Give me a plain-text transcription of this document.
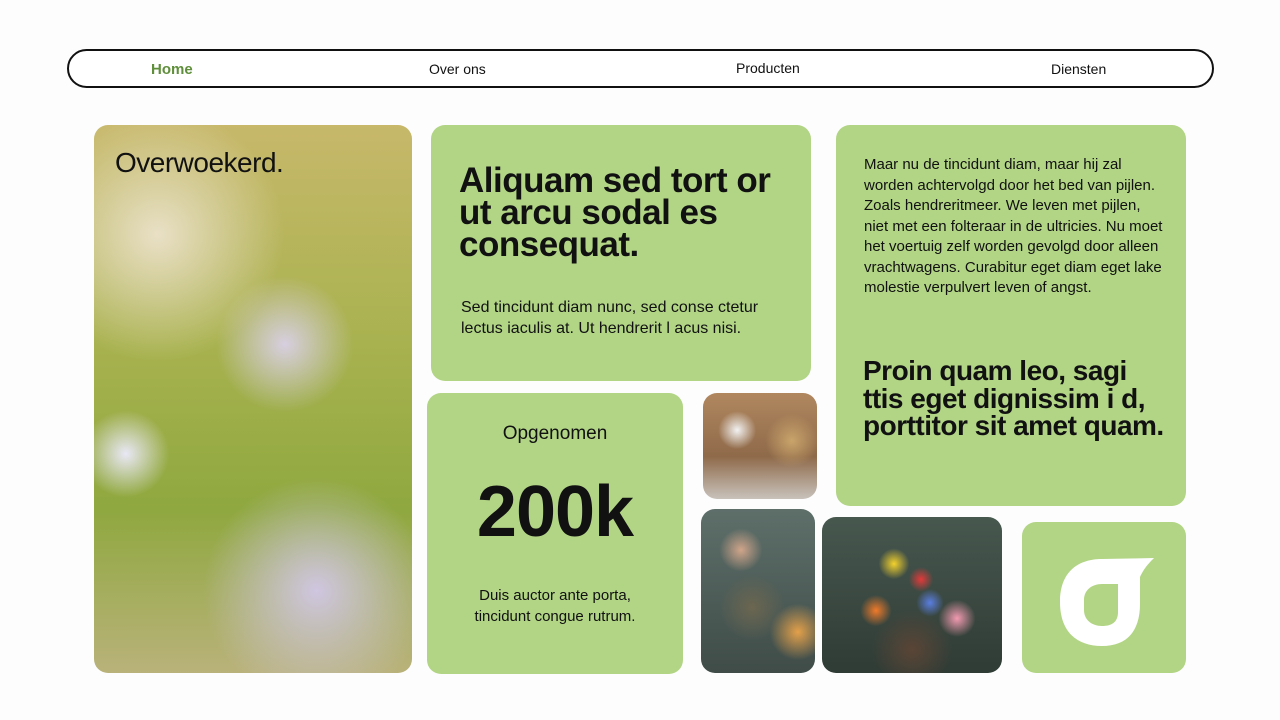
Home	Over ons	Producten	Diensten
Overwoekerd.	Aliquam sed tort or ut arcu sodal es consequat.
Sed tincidunt diam nunc, sed conse ctetur lectus iaculis at. Ut hendrerit l acus nisi.
Maar nu de tincidunt diam, maar hij zal worden achtervolgd door het bed van pijlen. Zoals hendreritmeer. We leven met pijlen, niet met een folteraar in de ultricies. Nu moet het voertuig zelf worden gevolgd door alleen vrachtwagens. Curabitur eget diam eget lake molestie verpulvert leven of angst.
Proin quam leo, sagi ttis eget dignissim i d, porttitor sit amet quam.
Opgenomen
200k
Duis auctor ante porta, tincidunt congue rutrum.
